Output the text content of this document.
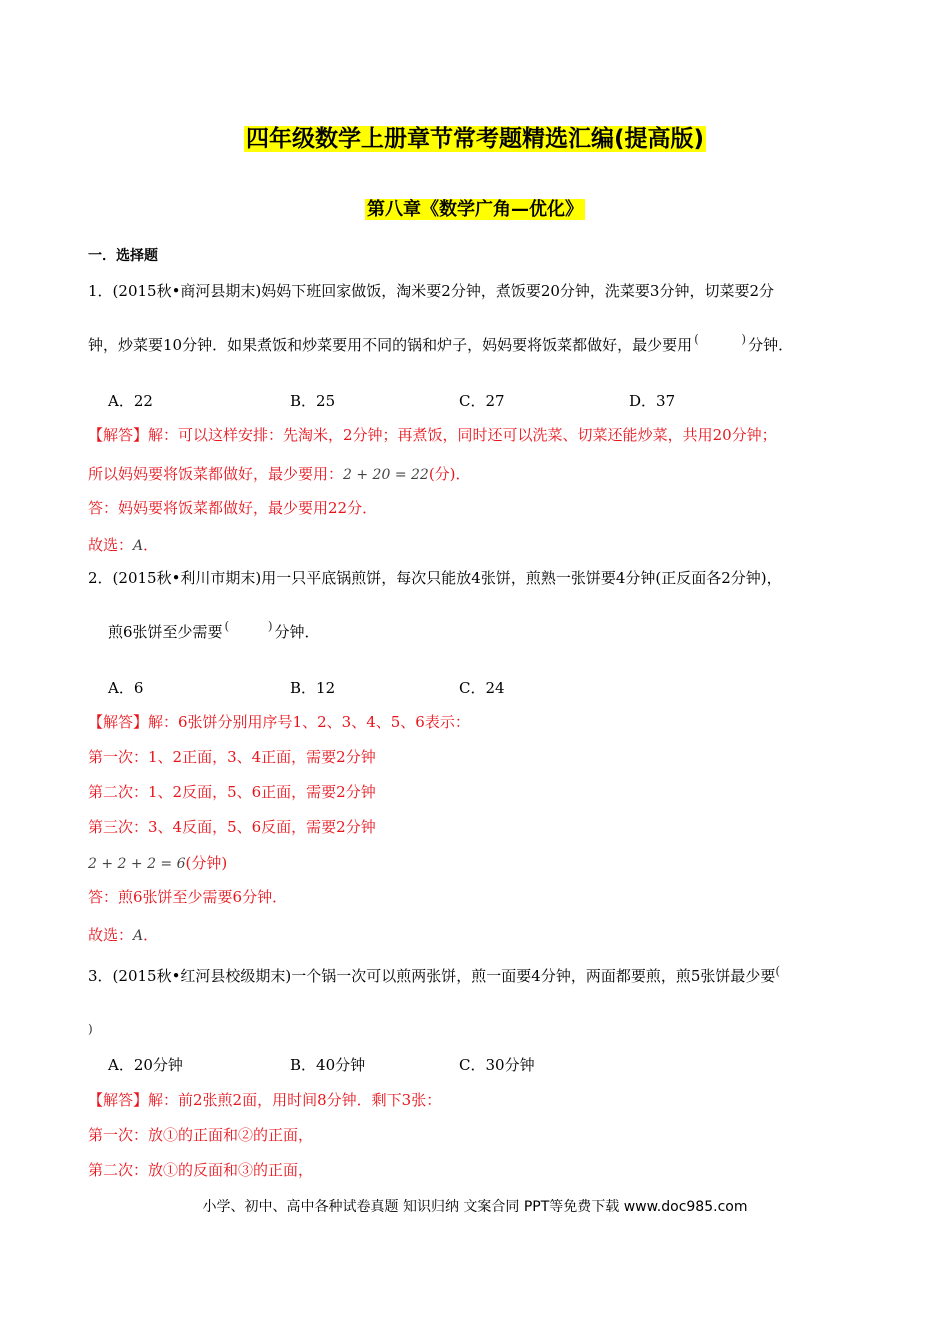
四年级数学上册章节常考题精选汇编(提高版)
第八章《数学广角—优化》
一．选择题
1．(2015秋•商河县期末)妈妈下班回家做饭，淘米要2分钟，煮饭要20分钟，洗菜要3分钟，切菜要2分
钟，炒菜要10分钟．如果煮饭和炒菜要用不同的锅和炉子，妈妈要将饭菜都做好，最少要用 ( )	分钟．
A．22	B．25	C．27	D．37
【解答】解：可以这样安排：先淘米，2分钟；再煮饭，同时还可以洗菜、切菜还能炒菜，共用20分钟；
所以妈妈要将饭菜都做好，最少要用：2 + 20 = 22(分)．
答：妈妈要将饭菜都做好，最少要用22分．
故选：A．
2．(2015秋•利川市期末)用一只平底锅煎饼，每次只能放4张饼，煎熟一张饼要4分钟(正反面各2分钟)，
煎6张饼至少需要 ( )	分钟．
A．6	B．12	C．24
【解答】解：6张饼分别用序号1、2、3、4、5、6表示：
第一次：1、2正面，3、4正面，需要2分钟
第二次：1、2反面，5、6正面，需要2分钟
第三次：3、4反面，5、6反面，需要2分钟
2 + 2 + 2 = 6(分钟)
答：煎6张饼至少需要6分钟．
故选：A．
3．(2015秋•红河县校级期末)一个锅一次可以煎两张饼，煎一面要4分钟，两面都要煎，煎5张饼最少要(
)
A．20分钟	B．40分钟	C．30分钟
【解答】解：前2张煎2面，用时间8分钟．剩下3张：
第一次：放①的正面和②的正面，
第二次：放①的反面和③的正面，
小学、初中、高中各种试卷真题 知识归纳 文案合同 PPT等免费下载 www.doc985.com
